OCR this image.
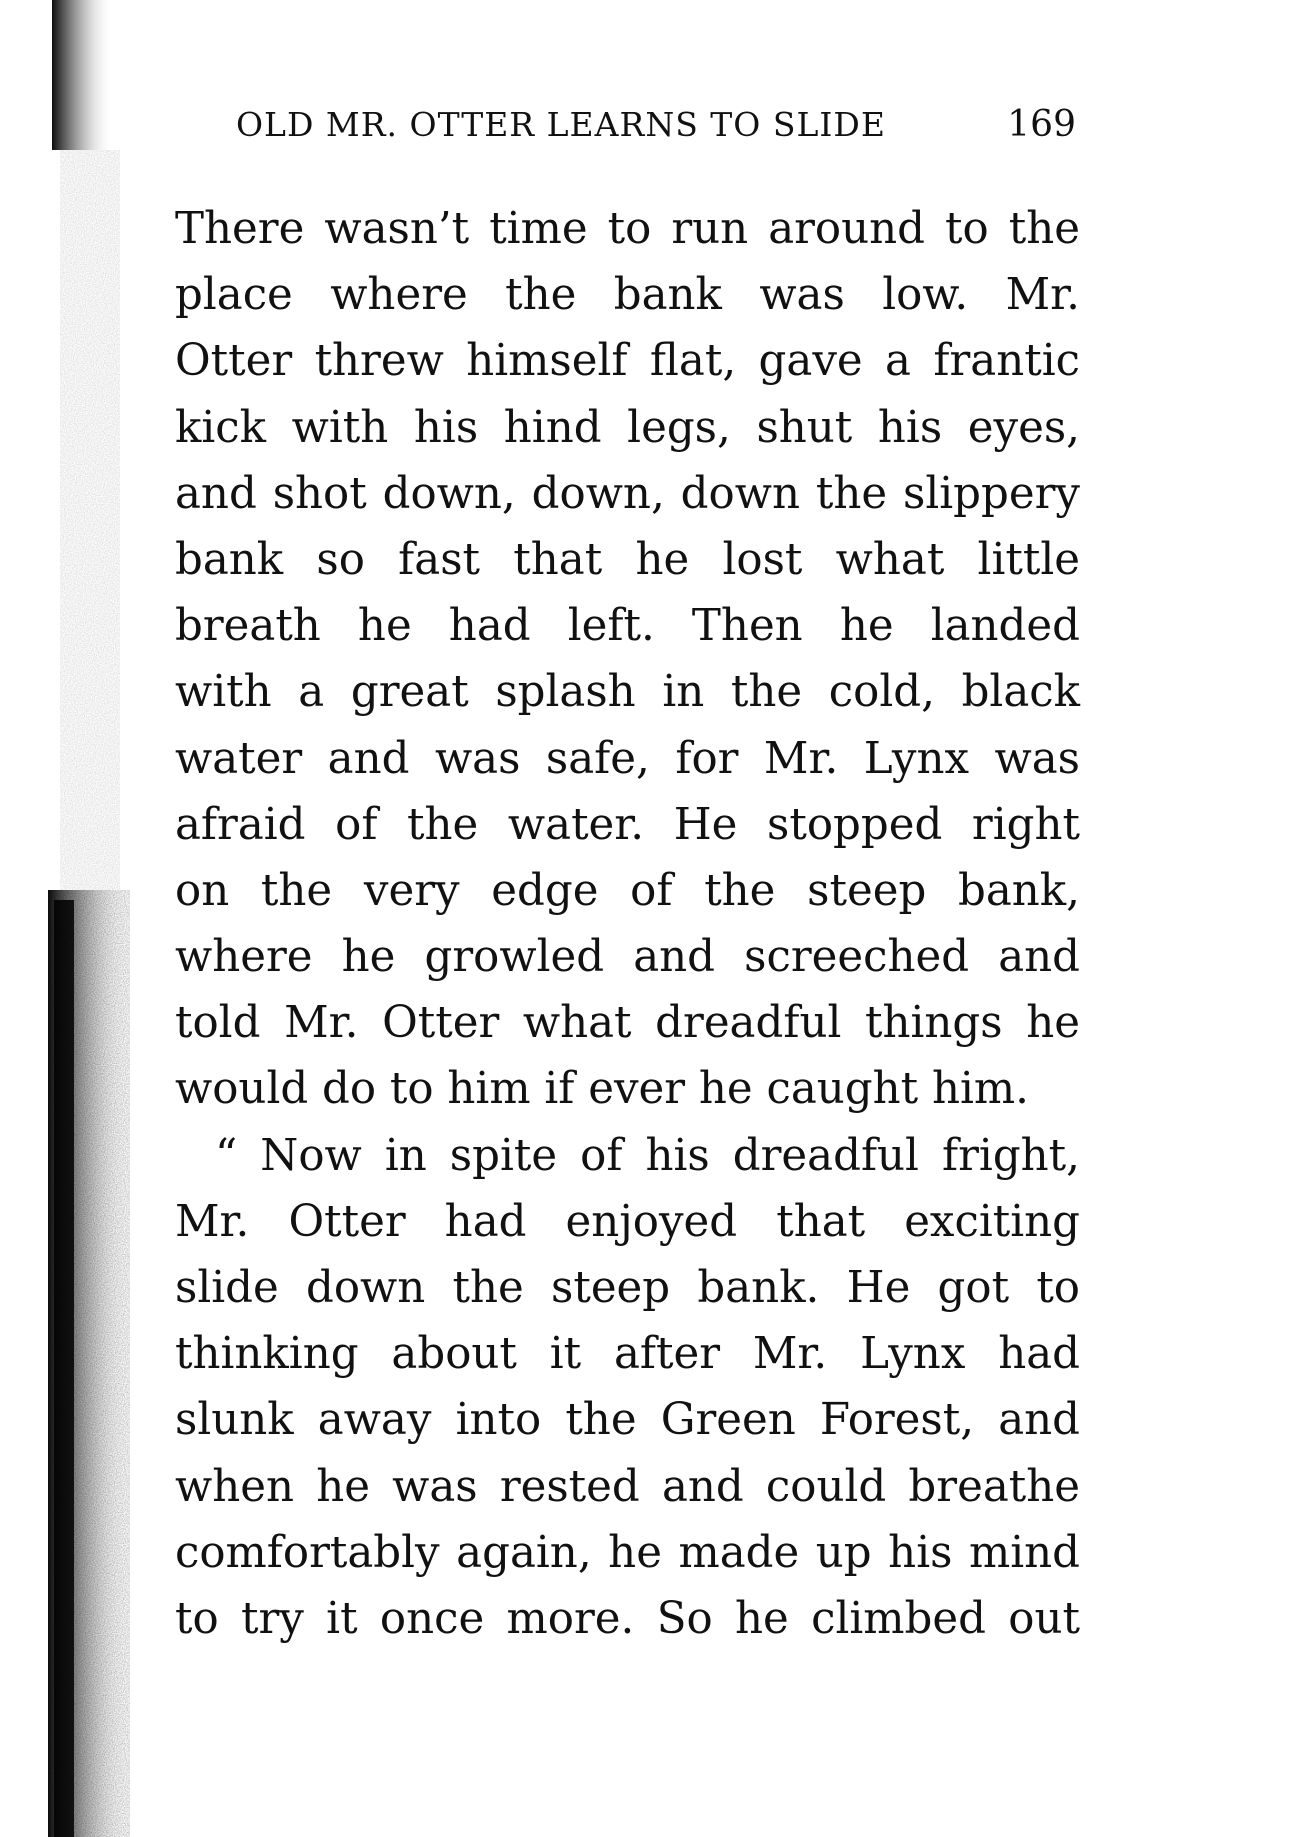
OLD MR. OTTER LEARNS TO SLIDE	169
There wasn’t time to run around to the
place where the bank was low. Mr.
Otter threw himself flat, gave a frantic
kick with his hind legs, shut his eyes,
and shot down, down, down the slippery
bank so fast that he lost what little
breath he had left. Then he landed
with a great splash in the cold, black
water and was safe, for Mr. Lynx was
afraid of the water. He stopped right
on the very edge of the steep bank,
where he growled and screeched and
told Mr. Otter what dreadful things he
would do to him if ever he caught him.
“ Now in spite of his dreadful fright,
Mr. Otter had enjoyed that exciting
slide down the steep bank. He got to
thinking about it after Mr. Lynx had
slunk away into the Green Forest, and
when he was rested and could breathe
comfortably again, he made up his mind
to try it once more. So he climbed out
